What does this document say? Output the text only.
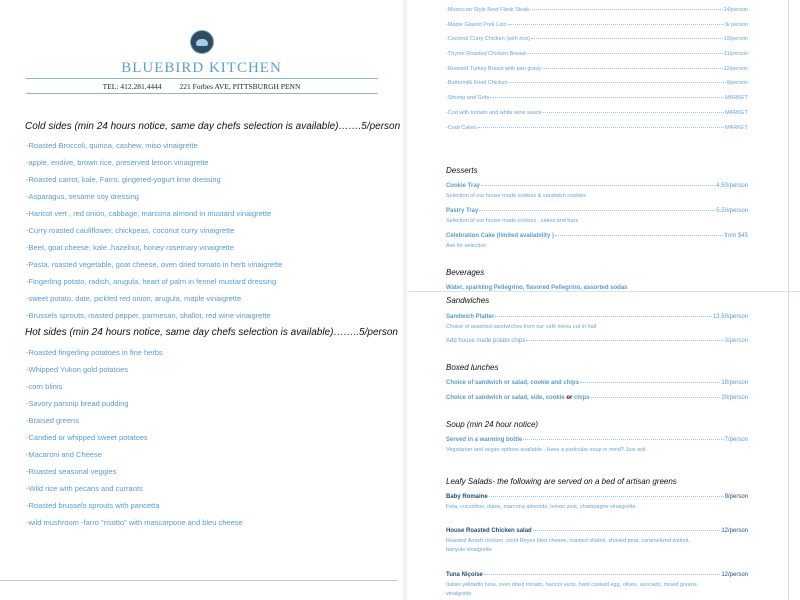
BLUEBIRD KITCHEN
TEL: 412.281.4444 221 Forbes AVE, PITTSBURGH PENN
Cold sides (min 24 hours notice, same day chefs selection is available)…….5/person
-Roasted Broccoli, quinoa, cashew, miso vinaigrette
-apple, endive, brown rice, preserved lemon vinaigrette
-Roasted carrot, kale, Farro, gingered-yogurt lime dressing
-Asparagus, sesame soy dressing
-Haricot vert , red onion, cabbage, marcona almond in mustard vinaigrette
-Curry roasted cauliflower, chickpeas, coconut curry vinaigrette
-Beet, goat cheese, kale ,hazelnut, honey rosemary vinaigrette
-Pasta, roasted vegetable, goat cheese, oven dried tomato in herb vinaigrette
-Fingerling potato, radish, arugula, heart of palm in fennel mustard dressing
-sweet potato, date, pickled red onion, arugula, maple vinaigrette
-Brussels sprouts, roasted pepper, parmesan, shallot, red wine vinaigrette
Hot sides (min 24 hours notice, same day chefs selection is available)……..5/person
-Roasted fingerling potatoes in fine herbs
-Whipped Yukon gold potatoes
-corn blinis
-Savory parsnip bread pudding
-Braised greens
-Candied or whipped sweet potatoes
-Macaroni and Cheese
-Roasted seasonal veggies
-Wild rice with pecans and currants
-Roasted brussels sprouts with pancetta
-wild mushroom -farro "risotto" with mascarpone and bleu cheese
-Moroccan Style Beef Flank Steak	14/person
-Maple Glazed Pork Loin	9/ person
-Coconut Curry Chicken (with rice)	10/person
-Thyme Roasted Chicken Breast	11/person
-Roasted Turkey Breast with pan gravy	12/person
-Buttermilk Fried Chicken	9/person
-Shrimp and Grits	MARKET
-Cod with tomato and white wine sauce	MARKET
-Crab Cakes	MARKET
Desserts
Cookie Tray	4.50/person
Selection of our house made cookies & sandwich cookies
Pastry Tray	5.50/person
Selection of our house made cookies , cakes and bars
Celebration Cake (limited availability )	from $45
Ask for selection
Beverages
Water, sparkling Pellegrino, flavored Pellegrino, assorted sodas
Sandwiches
Sandwich Platter	13.50/person
Choice of assorted sandwiches from our café menu cut in half
Add house made potato chips	3/person
Boxed lunches
Choice of sandwich or salad, cookie and chips	18/person
Choice of sandwich or salad, side, cookie or chips	20/person
Soup (min 24 hour notice)
Served in a warming bottle	7/person
Vegetarian and vegan options available , Have a particular soup in mind? Just ask
Leafy Salads- the following are served on a bed of artisan greens
Baby Romaine	9/person
Feta, cucumber, dates, marcona almonds, lemon zest, champagne vinaigrette
House Roasted Chicken salad	12/person
Roasted Amish chicken, point Reyes bleu cheese, roasted shallot, shaved pear, caramelized walnut,
banyuls vinaigrette
Tuna Niçoise	12/person
Italian yellowfin tuna, oven dried tomato, haricot verts, hard cooked egg, olives, avocado, mixed greens,
vinaigrette
